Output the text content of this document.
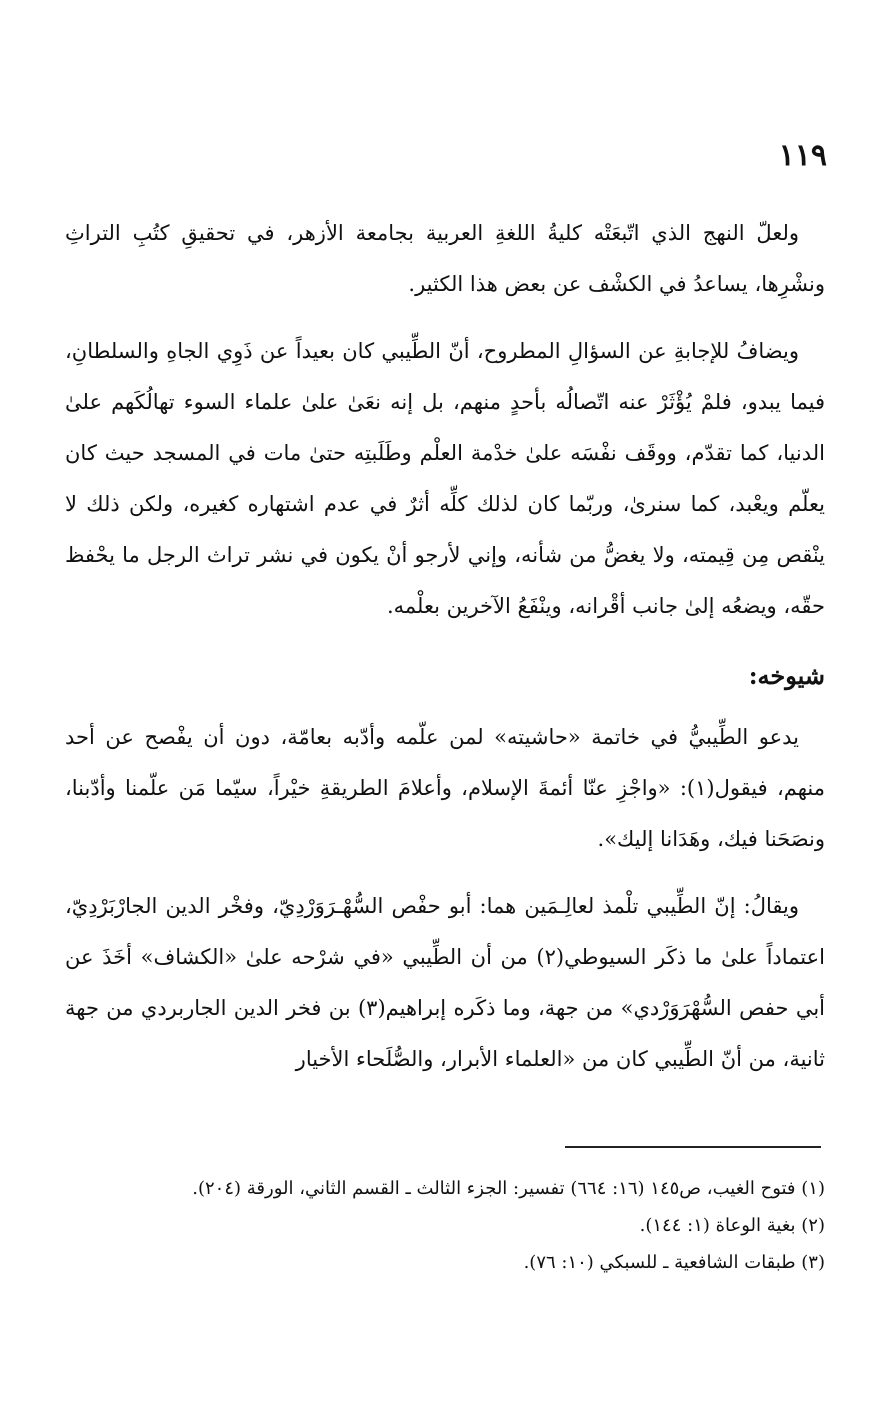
١١٩

ولعلّ النهج الذي اتّبعَتْه كليةُ اللغةِ العربية بجامعة الأزهر، في تحقيقِ كتُبِ التراثِ ونشْرِها، يساعدُ في الكشْف عن بعض هذا الكثير.

ويضافُ للإجابةِ عن السؤالِ المطروح، أنّ الطِّيبي كان بعيداً عن ذَوِي الجاهِ والسلطانِ، فيما يبدو، فلمْ يُؤْثَرْ عنه اتّصالُه بأحدٍ منهم، بل إنه نعَىٰ علىٰ علماء السوء تهالُكَهم علىٰ الدنيا، كما تقدّم، ووقَف نفْسَه علىٰ خدْمة العلْم وطَلَبتِه حتىٰ مات في المسجد حيث كان يعلّم ويعْبد، كما سنرىٰ، وربّما كان لذلك كلِّه أثرٌ في عدم اشتهاره كغيره، ولكن ذلك لا ينْقص مِن قِيمته، ولا يغضُّ من شأنه، وإني لأرجو أنْ يكون في نشر تراث الرجل ما يحْفظ حقّه، ويضعُه إلىٰ جانب أقْرانه، وينْفَعُ الآخرين بعلْمه.

شيوخه:

يدعو الطِّيبيُّ في خاتمة «حاشيته» لمن علّمه وأدّبه بعامّة، دون أن يفْصح عن أحد منهم، فيقول(١): «واجْزِ عنّا أئمةَ الإسلام، وأعلامَ الطريقةِ خيْراً، سيّما مَن علّمنا وأدّبنا، ونصَحَنا فيك، وهَدَانا إليك».

ويقالُ: إنّ الطِّيبي تلْمذ لعالِـمَين هما: أبو حفْص السُّهْـرَوَرْدِيّ، وفخْر الدين الجارْبَرْدِيّ، اعتماداً علىٰ ما ذكَر السيوطي(٢) من أن الطِّيبي «في شرْحه علىٰ «الكشاف» أخَذَ عن أبي حفص السُّهْرَوَرْدي» من جهة، وما ذكَره إبراهيم(٣) بن فخر الدين الجاربردي من جهة ثانية، من أنّ الطِّيبي كان من «العلماء الأبرار، والصُّلَحاء الأخيار

(١) فتوح الغيب، ص١٤٥ (١٦: ٦٦٤) تفسير: الجزء الثالث ـ القسم الثاني، الورقة (٢٠٤).

(٢) بغية الوعاة (١: ١٤٤).

(٣) طبقات الشافعية ـ للسبكي (١٠: ٧٦).
